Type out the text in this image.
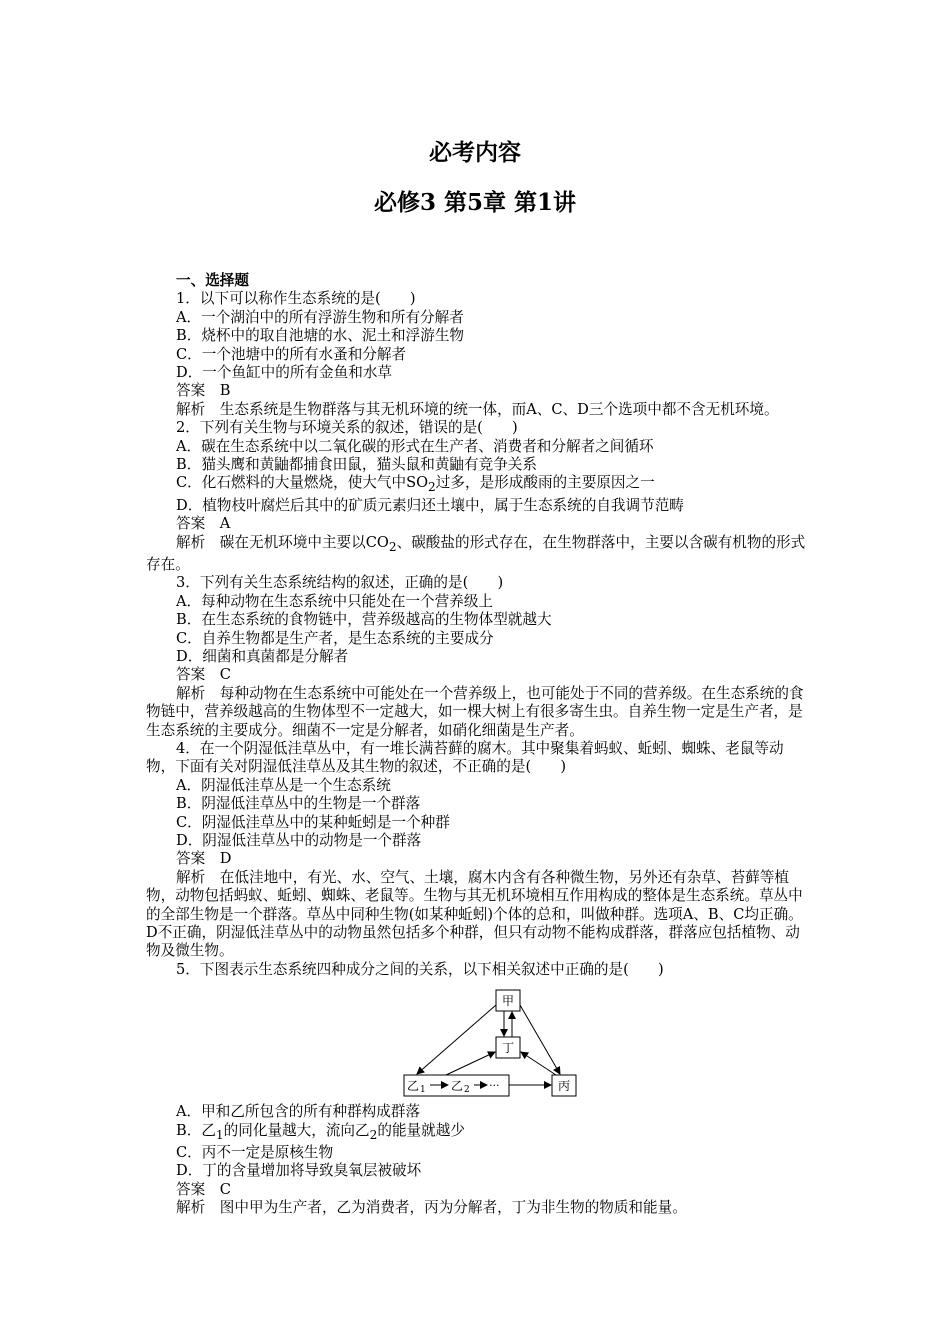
必考内容
必修3 第5章 第1讲

一、选择题

1．以下可以称作生态系统的是(　　)

A．一个湖泊中的所有浮游生物和所有分解者

B．烧杯中的取自池塘的水、泥土和浮游生物

C．一个池塘中的所有水蚤和分解者

D．一个鱼缸中的所有金鱼和水草

答案　B

解析　生态系统是生物群落与其无机环境的统一体，而A、C、D三个选项中都不含无机环境。

2．下列有关生物与环境关系的叙述，错误的是(　　)

A．碳在生态系统中以二氧化碳的形式在生产者、消费者和分解者之间循环

B．猫头鹰和黄鼬都捕食田鼠，猫头鼠和黄鼬有竞争关系

C．化石燃料的大量燃烧，使大气中$SO_2$过多，是形成酸雨的主要原因之一

D．植物枝叶腐烂后其中的矿质元素归还土壤中，属于生态系统的自我调节范畴

答案　A

解析　碳在无机环境中主要以$CO_2$、碳酸盐的形式存在，在生物群落中，主要以含碳有机物的形式存在。

3．下列有关生态系统结构的叙述，正确的是(　　)

A．每种动物在生态系统中只能处在一个营养级上

B．在生态系统的食物链中，营养级越高的生物体型就越大

C．自养生物都是生产者，是生态系统的主要成分

D．细菌和真菌都是分解者

答案　C

解析　每种动物在生态系统中可能处在一个营养级上，也可能处于不同的营养级。在生态系统的食物链中，营养级越高的生物体型不一定越大，如一棵大树上有很多寄生虫。自养生物一定是生产者，是生态系统的主要成分。细菌不一定是分解者，如硝化细菌是生产者。

4．在一个阴湿低洼草丛中，有一堆长满苔藓的腐木。其中聚集着蚂蚁、蚯蚓、蜘蛛、老鼠等动物，下面有关对阴湿低洼草丛及其生物的叙述，不正确的是(　　)

A．阴湿低洼草丛是一个生态系统

B．阴湿低洼草丛中的生物是一个群落

C．阴湿低洼草丛中的某种蚯蚓是一个种群

D．阴湿低洼草丛中的动物是一个群落

答案　D

解析　在低洼地中，有光、水、空气、土壤，腐木内含有各种微生物，另外还有杂草、苔藓等植物，动物包括蚂蚁、蚯蚓、蜘蛛、老鼠等。生物与其无机环境相互作用构成的整体是生态系统。草丛中的全部生物是一个群落。草丛中同种生物(如某种蚯蚓)个体的总和，叫做种群。选项A、B、C均正确。D不正确，阴湿低洼草丛中的动物虽然包括多个种群，但只有动物不能构成群落，群落应包括植物、动物及微生物。

5．下图表示生态系统四种成分之间的关系，以下相关叙述中正确的是(　　)

甲
丁
丙
乙 1 乙 2 ···

A．甲和乙所包含的所有种群构成群落

B．乙$_1$的同化量越大，流向乙$_2$的能量就越少

C．丙不一定是原核生物

D．丁的含量增加将导致臭氧层被破坏

答案　C

解析　图中甲为生产者，乙为消费者，丙为分解者，丁为非生物的物质和能量。
